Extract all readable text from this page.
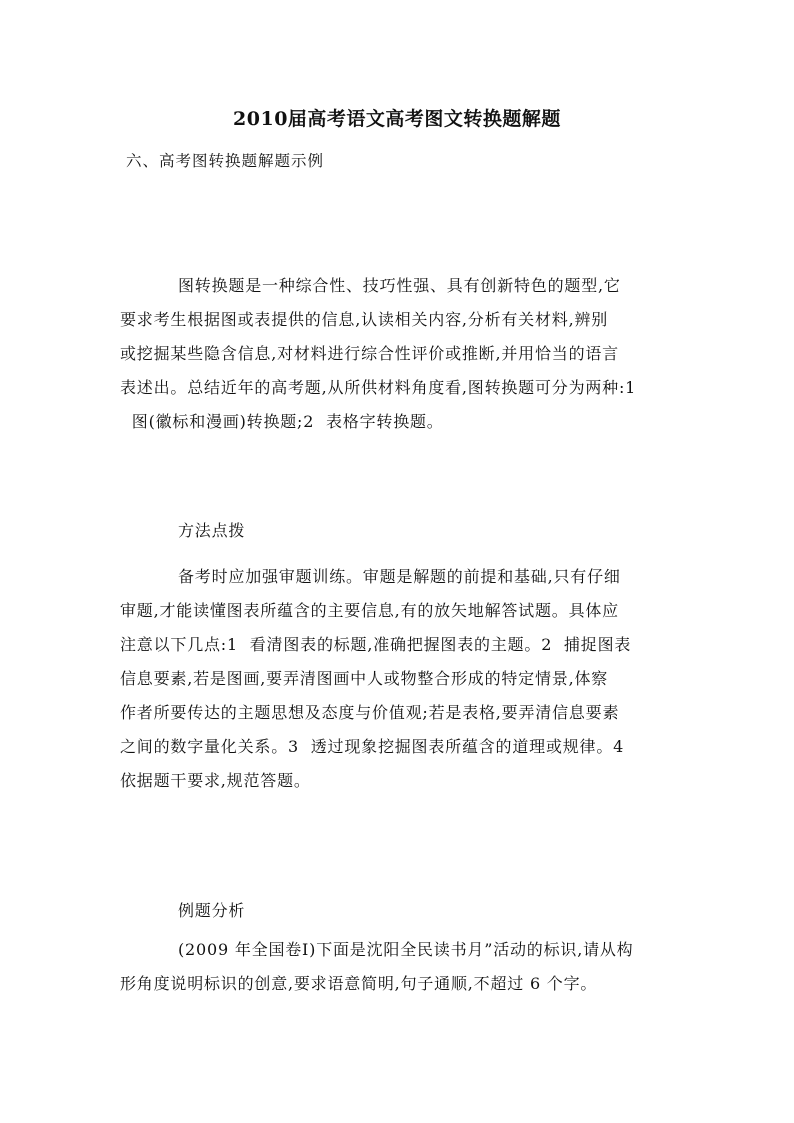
2010届高考语文高考图文转换题解题
六、高考图转换题解题示例
图转换题是一种综合性、技巧性强、具有创新特色的题型,它
要求考生根据图或表提供的信息,认读相关内容,分析有关材料,辨别
或挖掘某些隐含信息,对材料进行综合性评价或推断,并用恰当的语言
表述出。总结近年的高考题,从所供材料角度看,图转换题可分为两种:1
图(徽标和漫画)转换题;2  表格字转换题。
方法点拨
备考时应加强审题训练。审题是解题的前提和基础,只有仔细
审题,才能读懂图表所蕴含的主要信息,有的放矢地解答试题。具体应
注意以下几点:1  看清图表的标题,准确把握图表的主题。2  捕捉图表
信息要素,若是图画,要弄清图画中人或物整合形成的特定情景,体察
作者所要传达的主题思想及态度与价值观;若是表格,要弄清信息要素
之间的数字量化关系。3  透过现象挖掘图表所蕴含的道理或规律。4
依据题干要求,规范答题。
例题分析
(2009 年全国卷Ⅰ)下面是沈阳全民读书月”活动的标识,请从构
形角度说明标识的创意,要求语意简明,句子通顺,不超过 6 个字。
